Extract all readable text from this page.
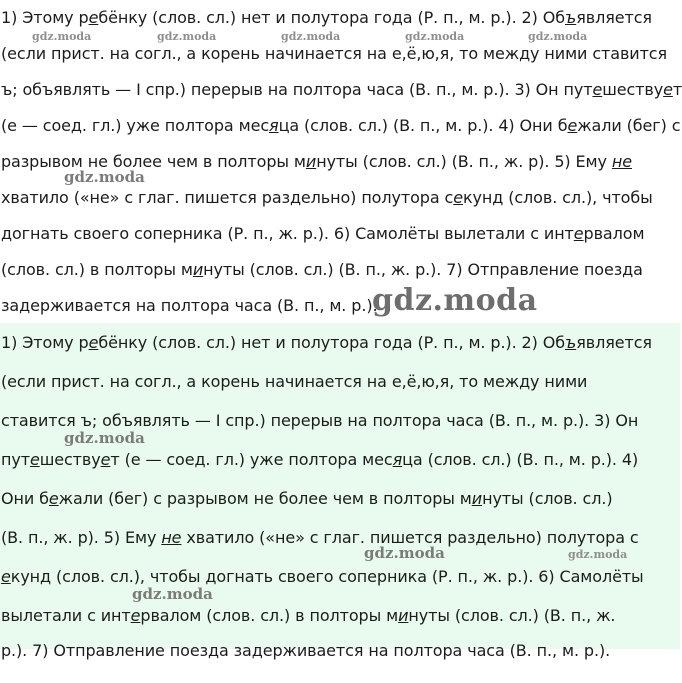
1) Этому ребёнку (слов. сл.) нет и полутора года (Р. п., м. р.). 2) Объявляется
(если прист. на согл., а корень начинается на е,ё,ю,я, то между ними ставится
ъ; объявлять — I спр.) перерыв на полтора часа (В. п., м. р.). 3) Он путешествует
(е — соед. гл.) уже полтора месяца (слов. сл.) (В. п., м. р.). 4) Они бежали (бег) с
разрывом не более чем в полторы минуты (слов. сл.) (В. п., ж. р). 5) Ему не
хватило («не» с глаг. пишется раздельно) полутора секунд (слов. сл.), чтобы
догнать своего соперника (Р. п., ж. р.). 6) Самолёты вылетали с интервалом
(слов. сл.) в полторы минуты (слов. сл.) (В. п., ж. р.). 7) Отправление поезда
задерживается на полтора часа (В. п., м. р.).
gdz.moda	gdz.moda	gdz.moda	gdz.moda	gdz.moda
gdz.moda
gdz.moda
1) Этому ребёнку (слов. сл.) нет и полутора года (Р. п., м. р.). 2) Объявляется
(если прист. на согл., а корень начинается на е,ё,ю,я, то между ними
ставится ъ; объявлять — I спр.) перерыв на полтора часа (В. п., м. р.). 3) Он
путешествует (е — соед. гл.) уже полтора месяца (слов. сл.) (В. п., м. р.). 4)
Они бежали (бег) с разрывом не более чем в полторы минуты (слов. сл.)
(В. п., ж. р). 5) Ему не хватило («не» с глаг. пишется раздельно) полутора с
екунд (слов. сл.), чтобы догнать своего соперника (Р. п., ж. р.). 6) Самолёты
вылетали с интервалом (слов. сл.) в полторы минуты (слов. сл.) (В. п., ж.
р.). 7) Отправление поезда задерживается на полтора часа (В. п., м. р.).
gdz.moda
gdz.moda	gdz.moda
gdz.moda
